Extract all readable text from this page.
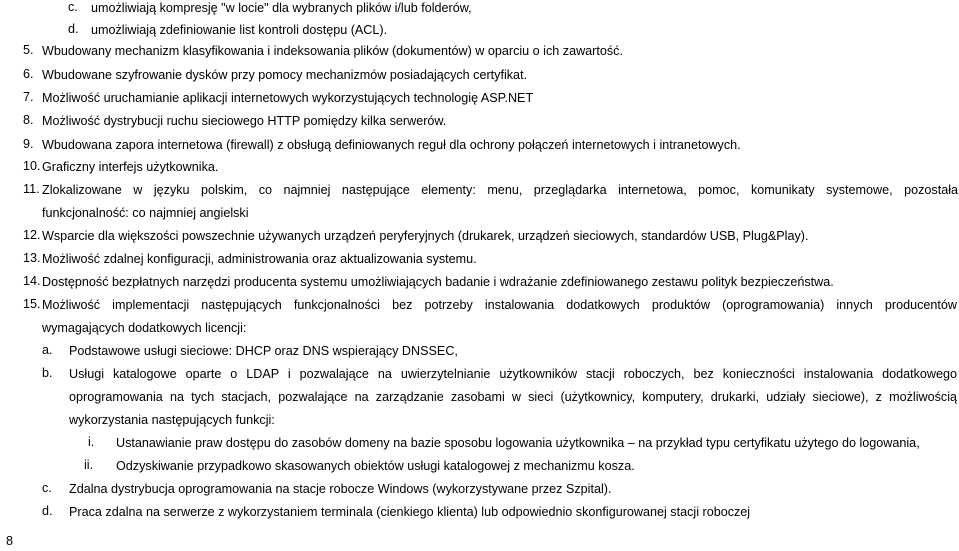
c. umożliwiają kompresję "w locie" dla wybranych plików i/lub folderów,
d. umożliwiają zdefiniowanie list kontroli dostępu (ACL).
5. Wbudowany mechanizm klasyfikowania i indeksowania plików (dokumentów) w oparciu o ich zawartość.
6. Wbudowane szyfrowanie dysków przy pomocy mechanizmów posiadających certyfikat.
7. Możliwość uruchamianie aplikacji internetowych wykorzystujących technologię ASP.NET
8. Możliwość dystrybucji ruchu sieciowego HTTP pomiędzy kilka serwerów.
9. Wbudowana zapora internetowa (firewall) z obsługą definiowanych reguł dla ochrony połączeń internetowych i intranetowych.
10. Graficzny interfejs użytkownika.
11. Zlokalizowane w języku polskim, co najmniej następujące elementy: menu, przeglądarka internetowa, pomoc, komunikaty systemowe, pozostała
funkcjonalność: co najmniej angielski
12. Wsparcie dla większości powszechnie używanych urządzeń peryferyjnych (drukarek, urządzeń sieciowych, standardów USB, Plug&Play).
13. Możliwość zdalnej konfiguracji, administrowania oraz aktualizowania systemu.
14. Dostępność bezpłatnych narzędzi producenta systemu umożliwiających badanie i wdrażanie zdefiniowanego zestawu polityk bezpieczeństwa.
15. Możliwość implementacji następujących funkcjonalności bez potrzeby instalowania dodatkowych produktów (oprogramowania) innych producentów
wymagających dodatkowych licencji:
a. Podstawowe usługi sieciowe: DHCP oraz DNS wspierający DNSSEC,
b. Usługi katalogowe oparte o LDAP i pozwalające na uwierzytelnianie użytkowników stacji roboczych, bez konieczności instalowania dodatkowego
oprogramowania na tych stacjach, pozwalające na zarządzanie zasobami w sieci (użytkownicy, komputery, drukarki, udziały sieciowe), z możliwością
wykorzystania następujących funkcji:
i. Ustanawianie praw dostępu do zasobów domeny na bazie sposobu logowania użytkownika – na przykład typu certyfikatu użytego do logowania,
ii. Odzyskiwanie przypadkowo skasowanych obiektów usługi katalogowej z mechanizmu kosza.
c. Zdalna dystrybucja oprogramowania na stacje robocze Windows (wykorzystywane przez Szpital).
d. Praca zdalna na serwerze z wykorzystaniem terminala (cienkiego klienta) lub odpowiednio skonfigurowanej stacji roboczej
8
